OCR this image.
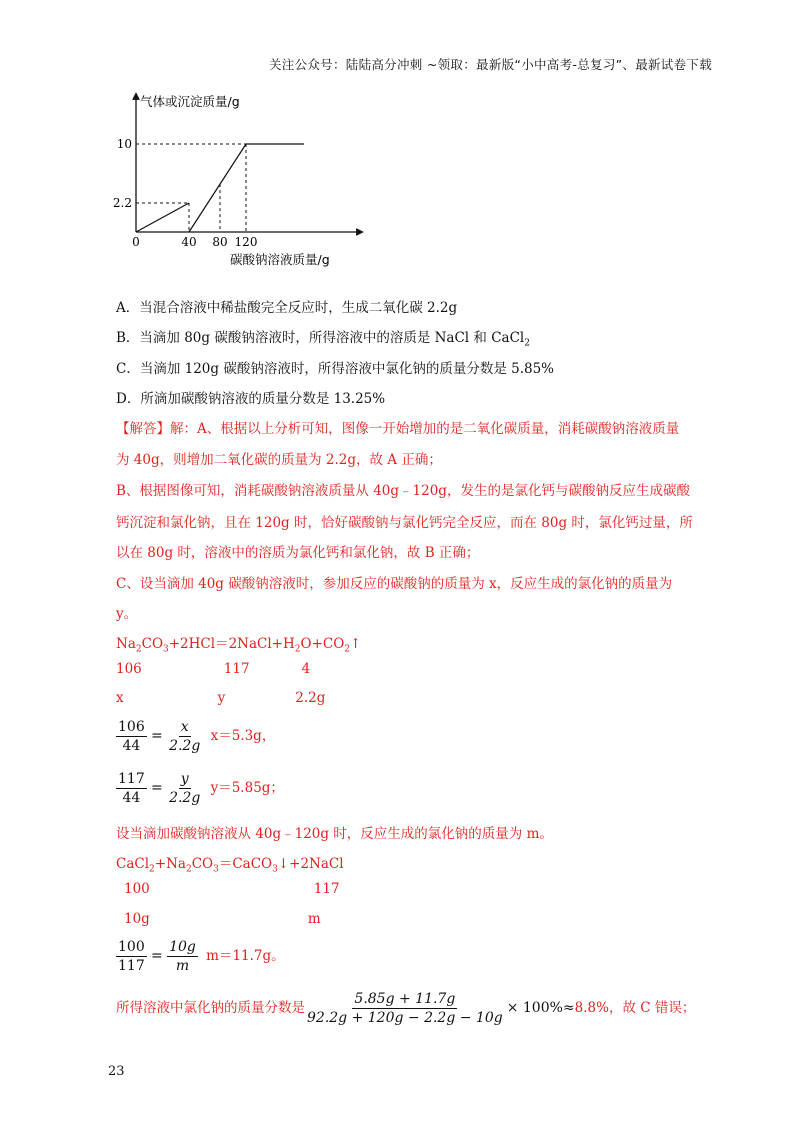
关注公众号：陆陆高分冲刺 ~领取：最新版“小中高考-总复习”、最新试卷下载
气体或沉淀质量/g
碳酸钠溶液质量/g
0	40 80 120
2.2
10
A．当混合溶液中稀盐酸完全反应时，生成二氧化碳 2.2g
B．当滴加 80g 碳酸钠溶液时，所得溶液中的溶质是 NaCl 和 CaCl$_2$
C．当滴加 120g 碳酸钠溶液时，所得溶液中氯化钠的质量分数是 5.85%
D．所滴加碳酸钠溶液的质量分数是 13.25%
【解答】解：A、根据以上分析可知，图像一开始增加的是二氧化碳质量，消耗碳酸钠溶液质量
为 40g，则增加二氧化碳的质量为 2.2g，故 A 正确；
B、根据图像可知，消耗碳酸钠溶液质量从 40g﹣120g，发生的是氯化钙与碳酸钠反应生成碳酸
钙沉淀和氯化钠，且在 120g 时，恰好碳酸钠与氯化钙完全反应，而在 80g 时，氯化钙过量，所
以在 80g 时，溶液中的溶质为氯化钙和氯化钠，故 B 正确；
C、设当滴加 40g 碳酸钠溶液时，参加反应的碳酸钠的质量为 x，反应生成的氯化钠的质量为
y。
$Na_2CO_3+2HCl=2NaCl+H_2O+CO_2↑$
106	117	4
x	y	2.2g
$\frac{106}{44} = \frac{x}{2.2g} x=5.3g$，
$\frac{117}{44} = \frac{y}{2.2g} y=5.85g$；
设当滴加碳酸钠溶液从 40g﹣120g 时，反应生成的氯化钠的质量为 m。
$CaCl_2+Na_2CO_3=CaCO_3↓+2NaCl$
100	117
10g	m
$\frac{100}{117} = \frac{10g}{m} m=11.7g$。
所得溶液中氯化钠的质量分数是 $\frac{5.85g + 11.7g}{92.2g + 120g - 2.2g - 10g} \times 100\%\approx 8.8\%$，故 C 错误；
23
